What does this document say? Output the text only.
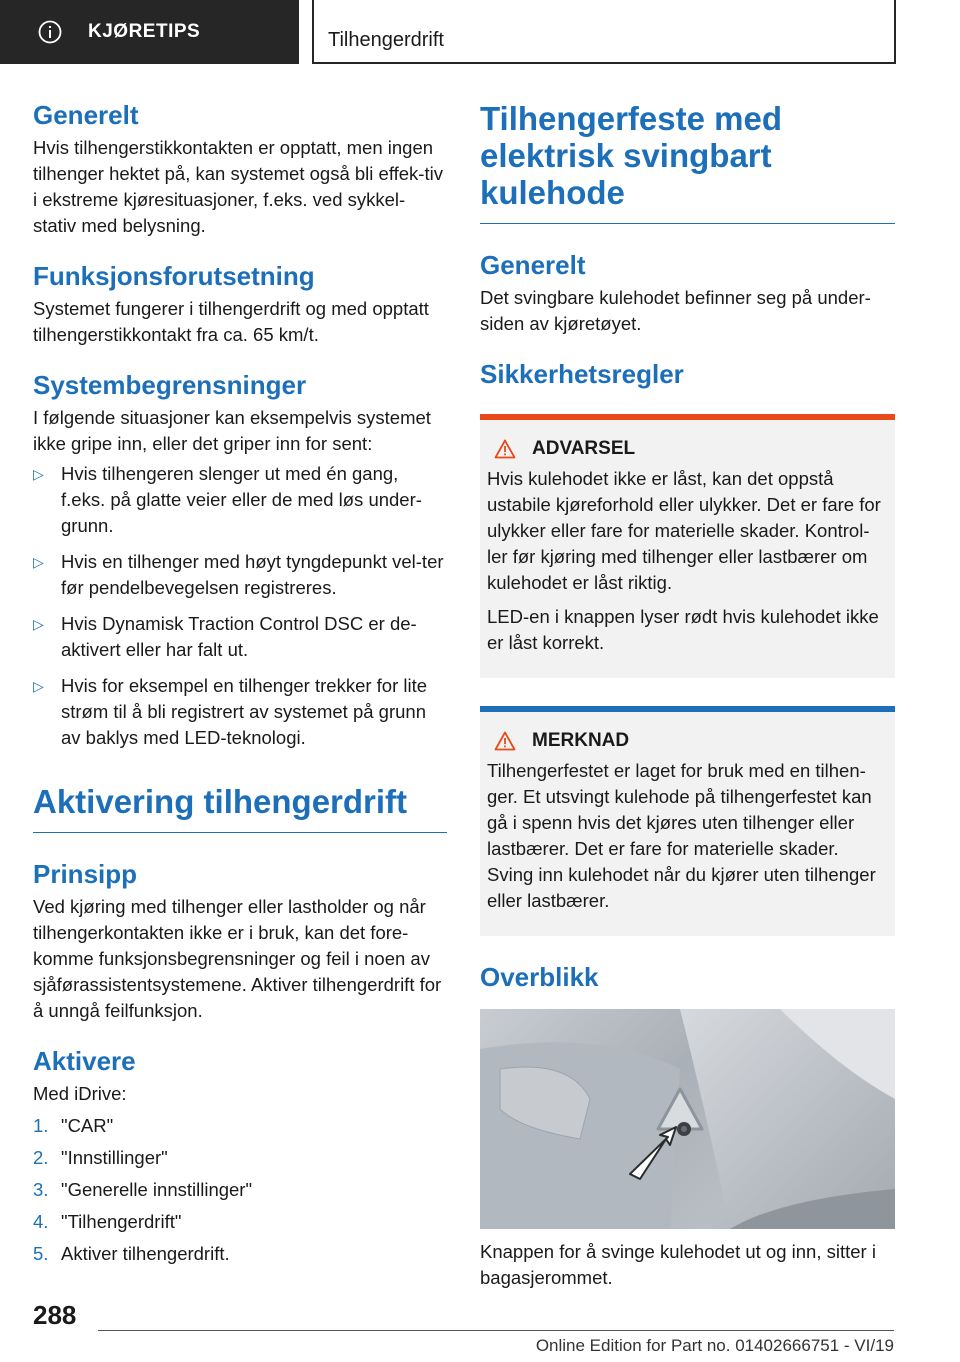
KJØRETIPS	Tilhengerdrift
Generelt

Hvis tilhengerstikkontakten er opptatt, men ingen tilhenger hektet på, kan systemet også bli effek-tiv i ekstreme kjøresituasjoner, f.eks. ved sykkel-stativ med belysning.

Funksjonsforutsetning

Systemet fungerer i tilhengerdrift og med opptatt tilhengerstikkontakt fra ca. 65 km/t.

Systembegrensninger

I følgende situasjoner kan eksempelvis systemet ikke gripe inn, eller det griper inn for sent:

▷ Hvis tilhengeren slenger ut med én gang, f.eks. på glatte veier eller de med løs under-grunn.
▷ Hvis en tilhenger med høyt tyngdepunkt vel-ter før pendelbevegelsen registreres.
▷ Hvis Dynamisk Traction Control DSC er de-aktivert eller har falt ut.
▷ Hvis for eksempel en tilhenger trekker for lite strøm til å bli registrert av systemet på grunn av baklys med LED-teknologi.
Aktivering tilhengerdrift
Prinsipp

Ved kjøring med tilhenger eller lastholder og når tilhengerkontakten ikke er i bruk, kan det fore-komme funksjonsbegrensninger og feil i noen av sjåførassistentsystemene. Aktiver tilhengerdrift for å unngå feilfunksjon.

Aktivere

Med iDrive:

1. "CAR"
2. "Innstillinger"
3. "Generelle innstillinger"
4. "Tilhengerdrift"
5. Aktiver tilhengerdrift.
Tilhengerfeste med elektrisk svingbart kulehode
Generelt

Det svingbare kulehodet befinner seg på under-siden av kjøretøyet.

Sikkerhetsregler
ADVARSEL

Hvis kulehodet ikke er låst, kan det oppstå ustabile kjøreforhold eller ulykker. Det er fare for ulykker eller fare for materielle skader. Kontrol-ler før kjøring med tilhenger eller lastbærer om kulehodet er låst riktig.

LED-en i knappen lyser rødt hvis kulehodet ikke er låst korrekt.

MERKNAD

Tilhengerfestet er laget for bruk med en tilhen-ger. Et utsvingt kulehode på tilhengerfestet kan gå i spenn hvis det kjøres uten tilhenger eller lastbærer. Det er fare for materielle skader. Sving inn kulehodet når du kjører uten tilhenger eller lastbærer.

Overblikk

Knappen for å svinge kulehodet ut og inn, sitter i bagasjerommet.

288
Online Edition for Part no. 01402666751 - VI/19
